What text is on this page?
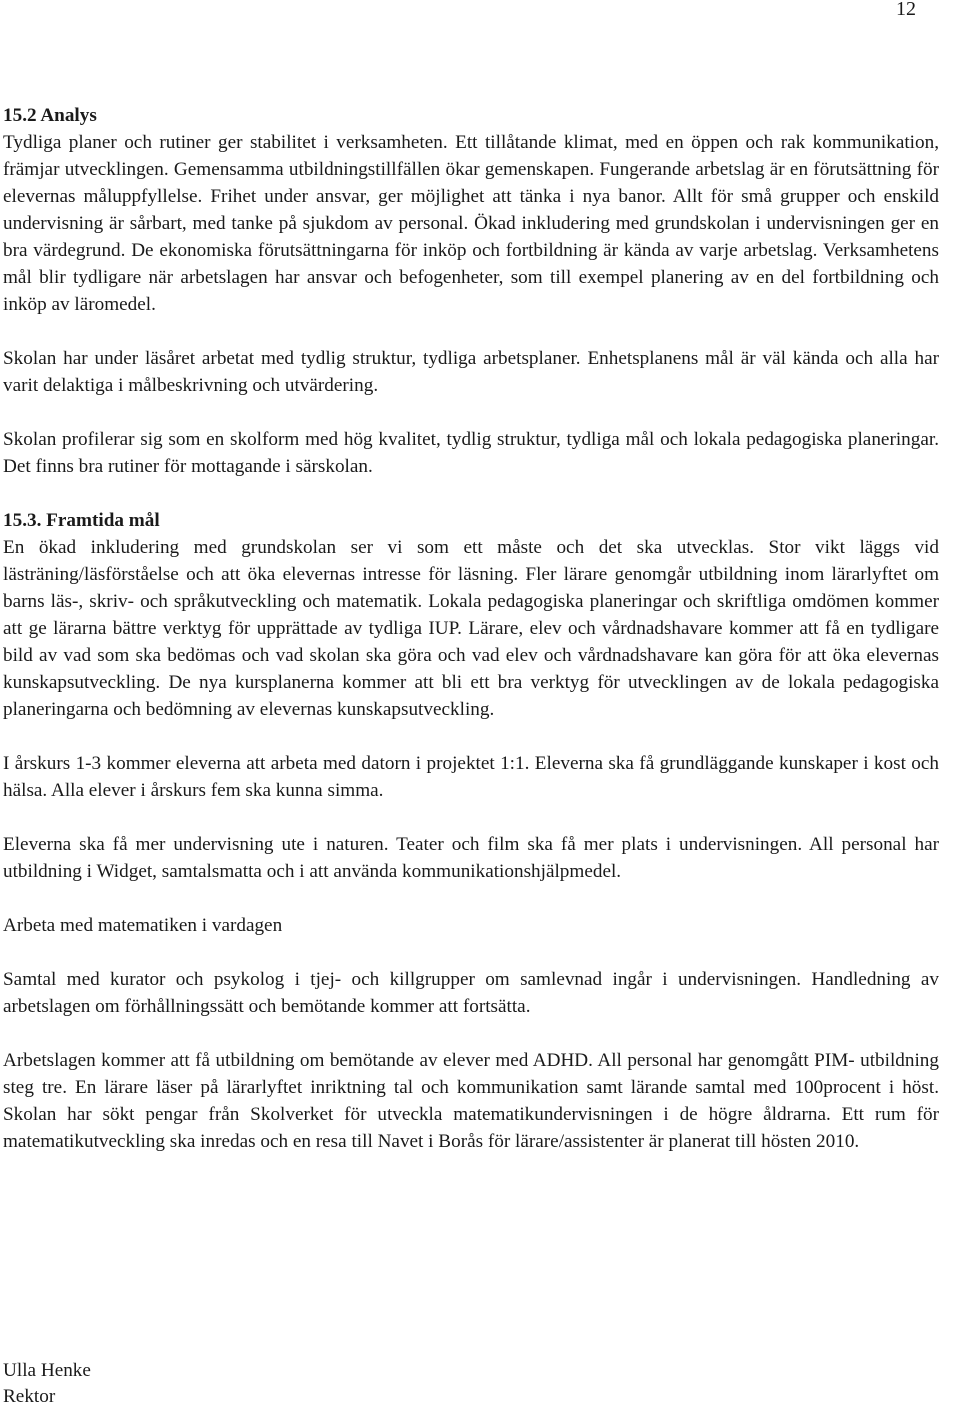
12
15.2 Analys

Tydliga planer och rutiner ger stabilitet i verksamheten. Ett tillåtande klimat, med en öppen och rak kommunikation, främjar utvecklingen. Gemensamma utbildningstillfällen ökar gemenskapen. Fungerande arbetslag är en förutsättning för elevernas måluppfyllelse. Frihet under ansvar, ger möjlighet att tänka i nya banor. Allt för små grupper och enskild undervisning är sårbart, med tanke på sjukdom av personal. Ökad inkludering med grundskolan i undervisningen ger en bra värdegrund. De ekonomiska förutsättningarna för inköp och fortbildning är kända av varje arbetslag. Verksamhetens mål blir tydligare när arbetslagen har ansvar och befogenheter, som till exempel planering av en del fortbildning och inköp av läromedel.

Skolan har under läsåret arbetat med tydlig struktur, tydliga arbetsplaner. Enhetsplanens mål är väl kända och alla har varit delaktiga i målbeskrivning och utvärdering.

Skolan profilerar sig som en skolform med hög kvalitet, tydlig struktur, tydliga mål och lokala pedagogiska planeringar. Det finns bra rutiner för mottagande i särskolan.

15.3. Framtida mål

En ökad inkludering med grundskolan ser vi som ett måste och det ska utvecklas. Stor vikt läggs vid lästräning/läsförståelse och att öka elevernas intresse för läsning. Fler lärare genomgår utbildning inom lärarlyftet om barns läs-, skriv- och språkutveckling och matematik. Lokala pedagogiska planeringar och skriftliga omdömen kommer att ge lärarna bättre verktyg för upprättade av tydliga IUP. Lärare, elev och vårdnadshavare kommer att få en tydligare bild av vad som ska bedömas och vad skolan ska göra och vad elev och vårdnadshavare kan göra för att öka elevernas kunskapsutveckling. De nya kursplanerna kommer att bli ett bra verktyg för utvecklingen av de lokala pedagogiska planeringarna och bedömning av elevernas kunskapsutveckling.

I årskurs 1-3 kommer eleverna att arbeta med datorn i projektet 1:1. Eleverna ska få grundläggande kunskaper i kost och hälsa. Alla elever i årskurs fem ska kunna simma.

Eleverna ska få mer undervisning ute i naturen. Teater och film ska få mer plats i undervisningen. All personal har utbildning i Widget, samtalsmatta och i att använda kommunikationshjälpmedel.

Arbeta med matematiken i vardagen

Samtal med kurator och psykolog i tjej- och killgrupper om samlevnad ingår i undervisningen. Handledning av arbetslagen om förhållningssätt och bemötande kommer att fortsätta.

Arbetslagen kommer att få utbildning om bemötande av elever med ADHD. All personal har genomgått PIM- utbildning steg tre. En lärare läser på lärarlyftet inriktning tal och kommunikation samt lärande samtal med 100procent i höst. Skolan har sökt pengar från Skolverket för utveckla matematikundervisningen i de högre åldrarna. Ett rum för matematikutveckling ska inredas och en resa till Navet i Borås för lärare/assistenter är planerat till hösten 2010.

Ulla Henke
Rektor
